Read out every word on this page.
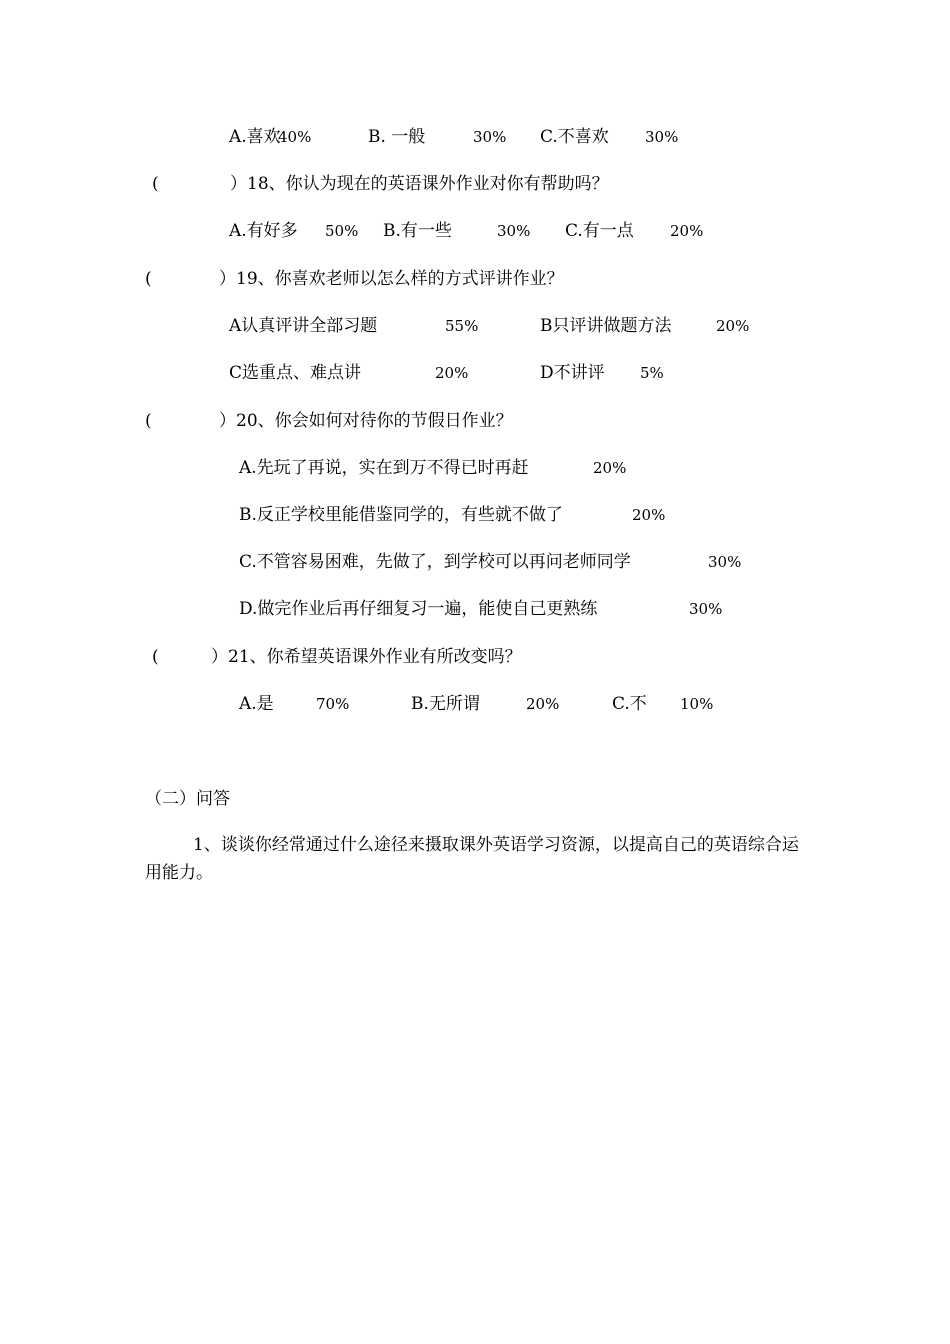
A.喜欢
40%	B. 一般	30% C.不喜欢 30%
(	）18、你认为现在的英语课外作业对你有帮助吗？
A.有好多 50% B.有一些	30% C.有一点 20%
(	）19、你喜欢老师以怎么样的方式评讲作业？
A认真评讲全部习题	55%	B只评讲做题方法	20%
C选重点、难点讲	20%	D不讲评 5%
(	）20、你会如何对待你的节假日作业？
A.先玩了再说，实在到万不得已时再赶	20%
B.反正学校里能借鉴同学的，有些就不做了	20%
C.不管容易困难，先做了，到学校可以再问老师同学	30%
D.做完作业后再仔细复习一遍，能使自己更熟练	30%
(	）21、你希望英语课外作业有所改变吗？
A.是	70%	B.无所谓	20%	C.不 10%
（二）问答
1、谈谈你经常通过什么途径来摄取课外英语学习资源，以提高自己的英语综合运用能力。
